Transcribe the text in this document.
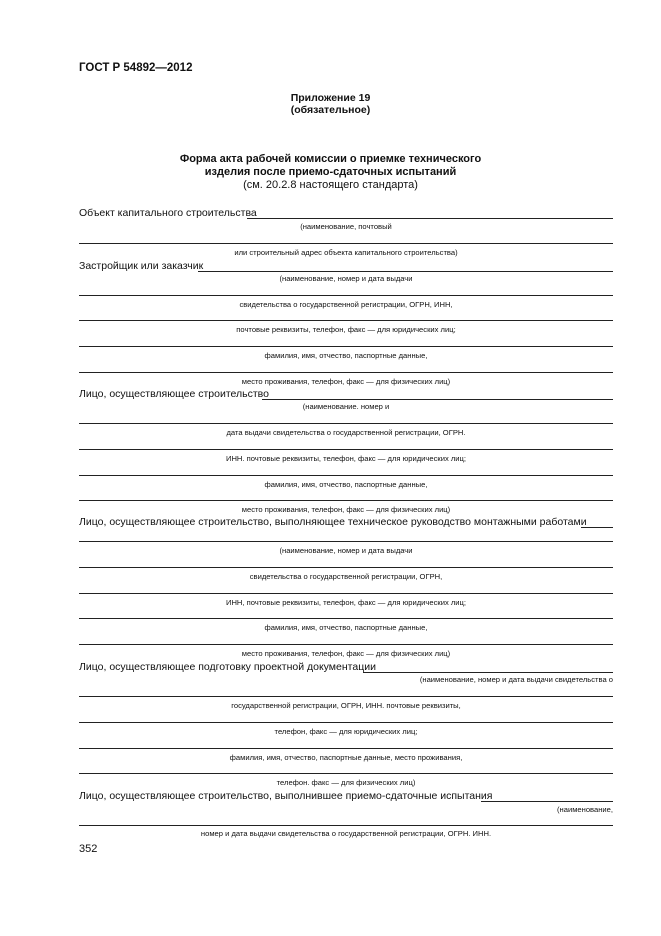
ГОСТ Р 54892—2012
Приложение 19
(обязательное)
Форма акта рабочей комиссии о приемке технического
изделия после приемо-сдаточных испытаний
(см. 20.2.8 настоящего стандарта)
Объект капитального строительства
(наименование, почтовый
или строительный адрес объекта капитального строительства)
Застройщик или заказчик
(наименование, номер и дата выдачи
свидетельства о государственной регистрации, ОГРН, ИНН,
почтовые реквизиты, телефон, факс — для юридических лиц;
фамилия, имя, отчество, паспортные данные,
место проживания, телефон, факс — для физических лиц)
Лицо, осуществляющее строительство
(наименование. номер и
дата выдачи свидетельства о государственной регистрации, ОГРН.
ИНН. почтовые реквизиты, телефон, факс — для юридических лиц;
фамилия, имя, отчество, паспортные данные,
место проживания, телефон, факс — для физических лиц)
Лицо, осуществляющее строительство, выполняющее техническое руководство монтажными работами
(наименование, номер и дата выдачи
свидетельства о государственной регистрации, ОГРН,
ИНН, почтовые реквизиты, телефон, факс — для юридических лиц;
фамилия, имя, отчество, паспортные данные,
место проживания, телефон, факс — для физических лиц)
Лицо, осуществляющее подготовку проектной документации
(наименование, номер и дата выдачи свидетельства о
государственной регистрации, ОГРН, ИНН. почтовые реквизиты,
телефон, факс — для юридических лиц;
фамилия, имя, отчество, паспортные данные, место проживания,
телефон. факс — для физических лиц)
Лицо, осуществляющее строительство, выполнившее приемо-сдаточные испытания
(наименование,
номер и дата выдачи свидетельства о государственной регистрации, ОГРН. ИНН.
352
